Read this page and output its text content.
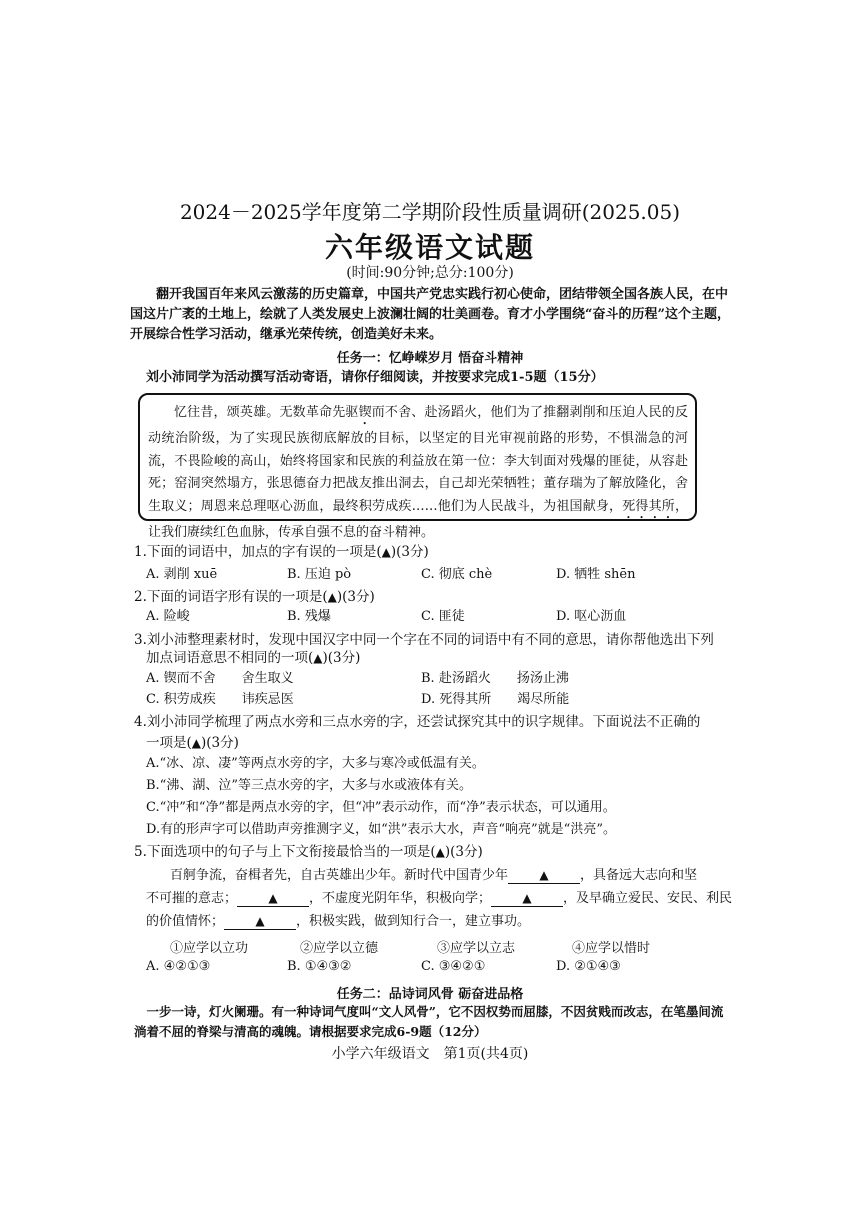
2024－2025学年度第二学期阶段性质量调研(2025.05)
六年级语文试题
(时间:90分钟;总分:100分)
翻开我国百年来风云激荡的历史篇章，中国共产党忠实践行初心使命，团结带领全国各族人民，在中国这片广袤的土地上，绘就了人类发展史上波澜壮阔的壮美画卷。育才小学围绕“奋斗的历程”这个主题，开展综合性学习活动，继承光荣传统，创造美好未来。
任务一：忆峥嵘岁月 悟奋斗精神
刘小沛同学为活动撰写活动寄语，请你仔细阅读，并按要求完成1-5题（15分）
忆往昔，颂英雄。无数革命先驱锲而不舍、赴汤蹈火，他们为了推翻剥削和压迫人民的反动统治阶级，为了实现民族彻底解放的目标，以坚定的目光审视前路的形势，不惧湍急的河流，不畏险峻的高山，始终将国家和民族的利益放在第一位：李大钊面对残爆的匪徒，从容赴死；窑洞突然塌方，张思德奋力把战友推出洞去，自己却光荣牺牲；董存瑞为了解放隆化，舍生取义；周恩来总理呕心沥血，最终积劳成疾……他们为人民战斗，为祖国献身，死得其所，让我们赓续红色血脉，传承自强不息的奋斗精神。
1.下面的词语中，加点的字有误的一项是(▲)(3分)
A. 剥削 xuē	B. 压迫 pò	C. 彻底 chè	D. 牺牲 shēn
2.下面的词语字形有误的一项是(▲)(3分)
A. 险峻	B. 残爆	C. 匪徒	D. 呕心沥血
3.刘小沛整理素材时，发现中国汉字中同一个字在不同的词语中有不同的意思，请你帮他选出下列
加点词语意思不相同的一项(▲)(3分)
A. 锲而不舍　　舍生取义	B. 赴汤蹈火　　扬汤止沸
C. 积劳成疾　　讳疾忌医	D. 死得其所　　竭尽所能
4.刘小沛同学梳理了两点水旁和三点水旁的字，还尝试探究其中的识字规律。下面说法不正确的
一项是(▲)(3分)
A.“冰、凉、凄”等两点水旁的字，大多与寒冷或低温有关。
B.“沸、湖、泣”等三点水旁的字，大多与水或液体有关。
C.“冲”和“净”都是两点水旁的字，但“冲”表示动作，而“净”表示状态，可以通用。
D.有的形声字可以借助声旁推测字义，如“洪”表示大水，声音“响亮”就是“洪亮”。
5.下面选项中的句子与上下文衔接最恰当的一项是(▲)(3分)
百舸争流，奋楫者先，自古英雄出少年。新时代中国青少年	▲ ，具备远大志向和坚
不可摧的意志；	▲ ，不虚度光阴年华，积极向学；	▲ ，及早确立爱民、安民、利民
的价值情怀；	▲ ，积极实践，做到知行合一，建立事功。
①应学以立功	②应学以立德	③应学以立志	④应学以惜时
A. ④②①③	B. ①④③②	C. ③④②①	D. ②①④③
任务二：品诗词风骨 砺奋进品格
一步一诗，灯火阑珊。有一种诗词气度叫“文人风骨”，它不因权势而屈膝，不因贫贱而改志，在笔墨间流淌着不屈的脊梁与清高的魂魄。请根据要求完成6-9题（12分）
小学六年级语文　第1页(共4页)
